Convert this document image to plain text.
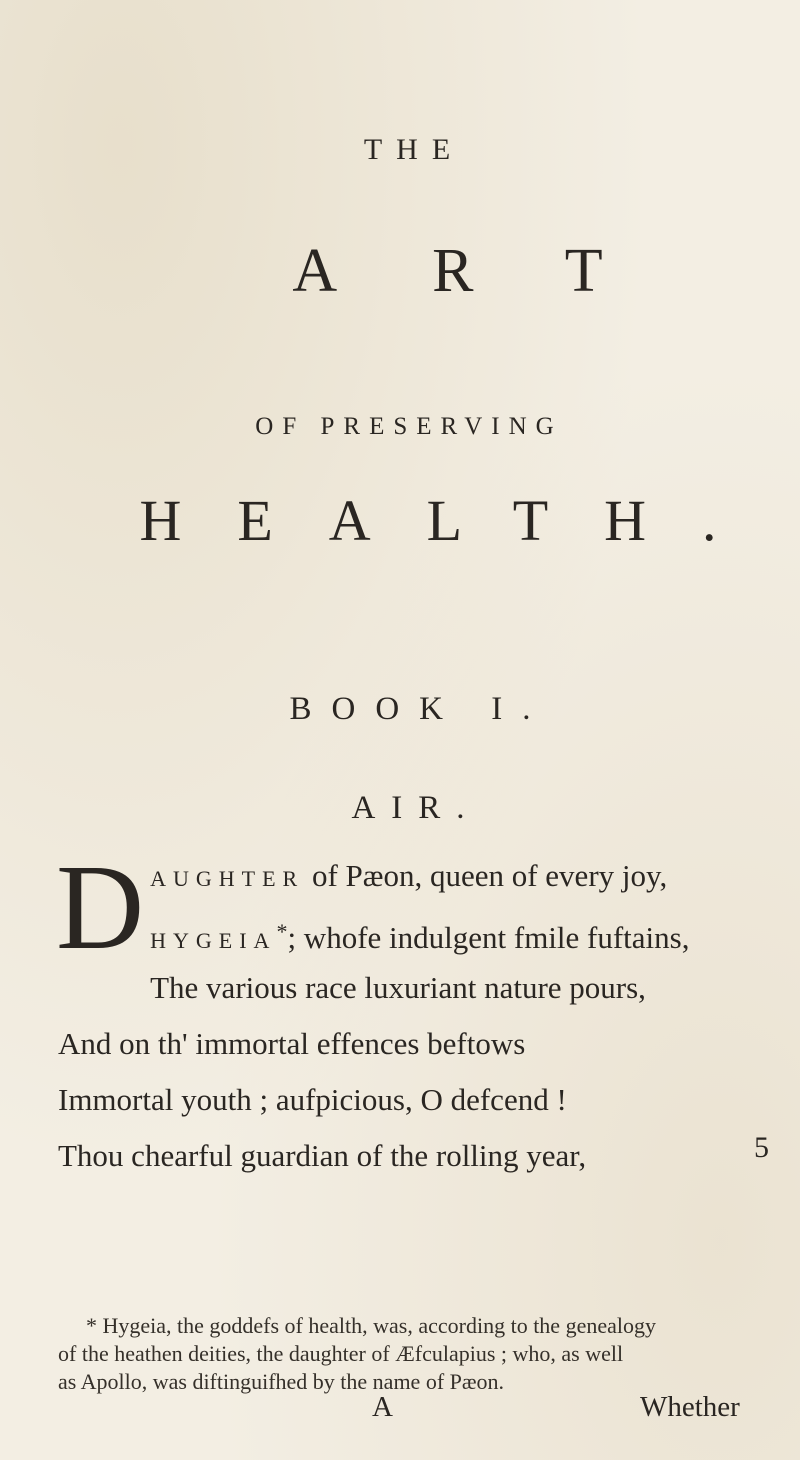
THE
ART
OF PRESERVING
HEALTH.
BOOK I.
AIR.
D AUGHTER of Pæon, queen of every joy,
HYGEIA*; whofe indulgent fmile fuftains,
The various race luxuriant nature pours,
And on th' immortal effences beftows
Immortal youth ; aufpicious, O defcend !
Thou chearful guardian of the rolling year,	5
* Hygeia, the goddefs of health, was, according to the genealogy
of the heathen deities, the daughter of Æfculapius ; who, as well
as Apollo, was diftinguifhed by the name of Pæon.
A	Whether
